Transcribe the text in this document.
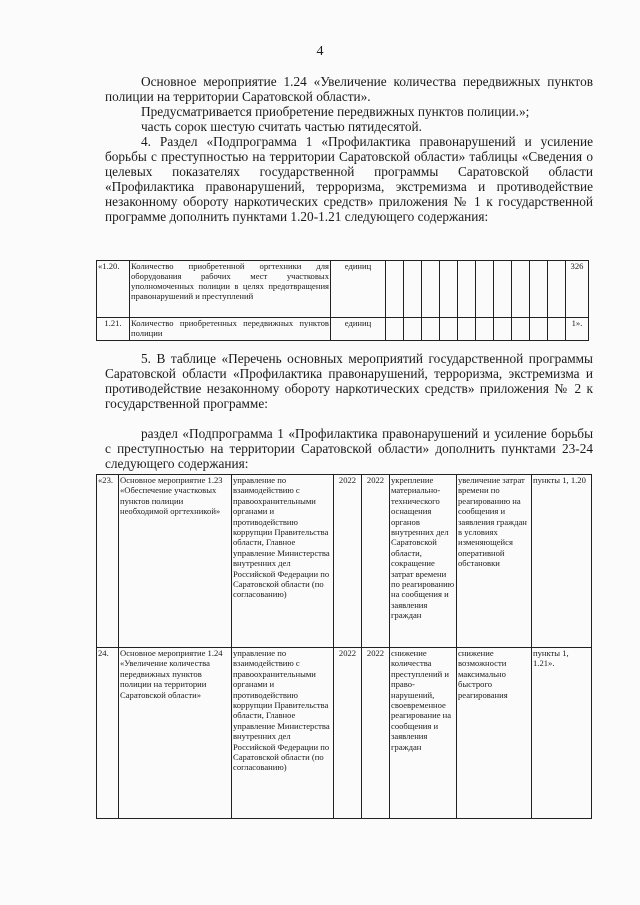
4

Основное мероприятие 1.24 «Увеличение количества передвижных пунктов полиции на территории Саратовской области».

Предусматривается приобретение передвижных пунктов полиции.»;

часть сорок шестую считать частью пятидесятой.

4. Раздел «Подпрограмма 1 «Профилактика правонарушений и усиление борьбы с преступностью на территории Саратовской области» таблицы «Сведения о целевых показателях государственной программы Саратовской области «Профилактика правонарушений, терроризма, экстремизма и противодействие незаконному обороту наркотических средств» приложения № 1 к государственной программе дополнить пунктами 1.20-1.21 следующего содержания:

«1.20.	Количество приобретенной оргтехники для оборудования рабочих мест участковых уполномоченных полиции в целях предотвращения правонарушений и преступлений	единиц											326
1.21.	Количество приобретенных передвижных пунктов полиции	единиц											1».

5. В таблице «Перечень основных мероприятий государственной программы Саратовской области «Профилактика правонарушений, терроризма, экстремизма и противодействие незаконному обороту наркотических средств» приложения № 2 к государственной программе:

раздел «Подпрограмма 1 «Профилактика правонарушений и усиление борьбы с преступностью на территории Саратовской области» дополнить пунктами 23-24 следующего содержания:

«23.	Основное мероприятие 1.23 «Обеспечение участковых пунктов полиции необходимой оргтехникой»	управление по взаимодействию с правоохранительными органами и противодействию коррупции Правительства области, Главное управление Министерства внутренних дел Российской Федерации по Саратовской области (по согласованию)	2022	2022	укрепление материально-технического оснащения органов внутренних дел Саратовской области, сокращение затрат времени по реагированию на сообщения и заявления граждан	увеличение затрат времени по реагированию на сообщения и заявления граждан в условиях изменяющейся оперативной обстановки	пункты 1, 1.20
24.	Основное мероприятие 1.24 «Увеличение количества передвижных пунктов полиции на территории Саратовской области»	управление по взаимодействию с правоохранительными органами и противодействию коррупции Правительства области, Главное управление Министерства внутренних дел Российской Федерации по Саратовской области (по согласованию)	2022	2022	снижение количества преступлений и право-нарушений, своевременное реагирование на сообщения и заявления граждан	снижение возможности максимально быстрого реагирования	пункты 1, 1.21».
